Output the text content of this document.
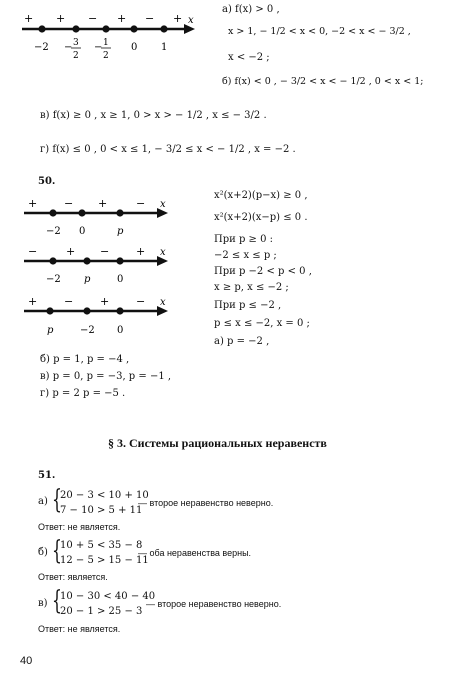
+ + − + − + x
−2 − 3
2
− 1
2
0 1
а) f(x) > 0 ,
x > 1, − 1/2 < x < 0, −2 < x < − 3/2 ,
x < −2 ;
б) f(x) < 0 , − 3/2 < x < − 1/2 , 0 < x < 1;
в) f(x) ≥ 0 , x ≥ 1, 0 > x > − 1/2 , x ≤ − 3/2 .
г) f(x) ≤ 0 , 0 < x ≤ 1, − 3/2 ≤ x < − 1/2 , x = −2 .
50.
+ − +	− x
−2 0	p
−	+ − + x
−2 p	0
+ − + − x
p	−2 0
x²(x+2)(p−x) ≥ 0 ,
x²(x+2)(x−p) ≤ 0 .
При p ≥ 0 :
−2 ≤ x ≤ p ;
При p −2 < p < 0 ,
x ≥ p, x ≤ −2 ;
При p ≤ −2 ,
p ≤ x ≤ −2, x = 0 ;
а) p = −2 ,
б) p = 1, p = −4 ,
в) p = 0, p = −3, p = −1 ,
г) p = 2 p = −5 .
§ 3. Системы рациональных неравенств
51.
а) {
20 − 3 < 10 + 10
7 − 10 > 5 + 11
— второе неравенство неверно.
Ответ: не является.
б) {
10 + 5 < 35 − 8
12 − 5 > 15 − 11
— оба неравенства верны.
Ответ: является.
в) {
10 − 30 < 40 − 40
20 − 1 > 25 − 3
— второе неравенство неверно.
Ответ: не является.
40
